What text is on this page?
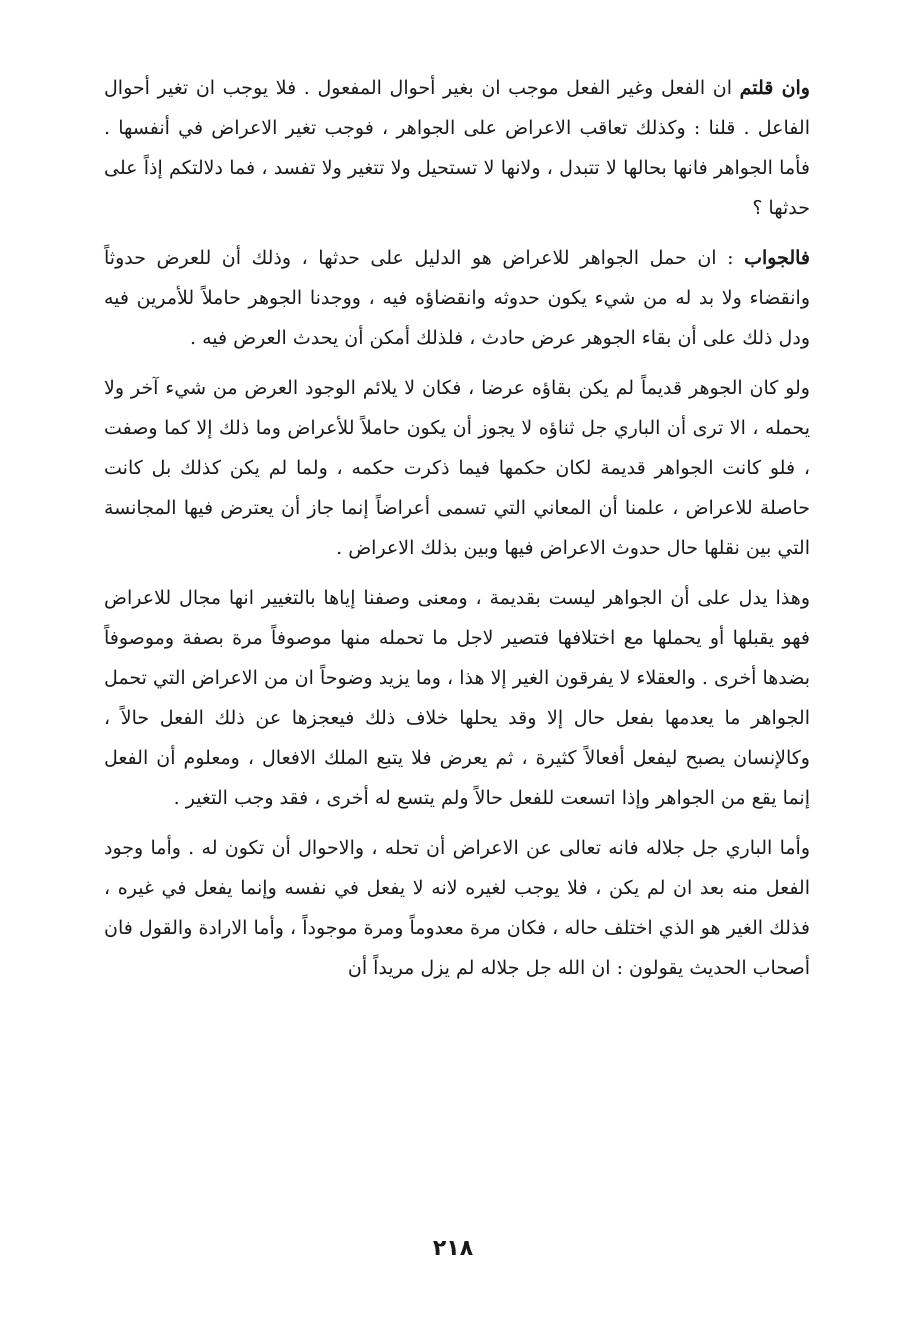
وان قلتم ان الفعل وغير الفعل موجب ان بغير أحوال المفعول . فلا يوجب ان تغير أحوال الفاعل . قلنا : وكذلك تعاقب الاعراض على الجواهر ، فوجب تغير الاعراض في أنفسها . فأما الجواهر فانها بحالها لا تتبدل ، ولانها لا تستحيل ولا تتغير ولا تفسد ، فما دلالتكم إذاً على حدثها ؟

فالجواب : ان حمل الجواهر للاعراض هو الدليل على حدثها ، وذلك أن للعرض حدوثاً وانقضاء ولا بد له من شيء يكون حدوثه وانقضاؤه فيه ، ووجدنا الجوهر حاملاً للأمرين فيه ودل ذلك على أن بقاء الجوهر عرض حادث ، فلذلك أمكن أن يحدث العرض فيه .

ولو كان الجوهر قديماً لم يكن بقاؤه عرضا ، فكان لا يلائم الوجود العرض من شيء آخر ولا يحمله ، الا ترى أن الباري جل ثناؤه لا يجوز أن يكون حاملاً للأعراض وما ذلك إلا كما وصفت ، فلو كانت الجواهر قديمة لكان حكمها فيما ذكرت حكمه ، ولما لم يكن كذلك بل كانت حاصلة للاعراض ، علمنا أن المعاني التي تسمى أعراضاً إنما جاز أن يعترض فيها المجانسة التي بين نقلها حال حدوث الاعراض فيها وبين بذلك الاعراض .

وهذا يدل على أن الجواهر ليست بقديمة ، ومعنى وصفنا إياها بالتغيير انها مجال للاعراض فهو يقبلها أو يحملها مع اختلافها فتصير لاجل ما تحمله منها موصوفاً مرة بصفة وموصوفاً بضدها أخرى . والعقلاء لا يفرقون الغير إلا هذا ، وما يزيد وضوحاً ان من الاعراض التي تحمل الجواهر ما يعدمها بفعل حال إلا وقد يحلها خلاف ذلك فيعجزها عن ذلك الفعل حالاً ، وكالإنسان يصبح ليفعل أفعالاً كثيرة ، ثم يعرض فلا يتبع الملك الافعال ، ومعلوم أن الفعل إنما يقع من الجواهر وإذا اتسعت للفعل حالاً ولم يتسع له أخرى ، فقد وجب التغير .

وأما الباري جل جلاله فانه تعالى عن الاعراض أن تحله ، والاحوال أن تكون له . وأما وجود الفعل منه بعد ان لم يكن ، فلا يوجب لغيره لانه لا يفعل في نفسه وإنما يفعل في غيره ، فذلك الغير هو الذي اختلف حاله ، فكان مرة معدوماً ومرة موجوداً ، وأما الارادة والقول فان أصحاب الحديث يقولون : ان الله جل جلاله لم يزل مريداً أن

٢١٨
